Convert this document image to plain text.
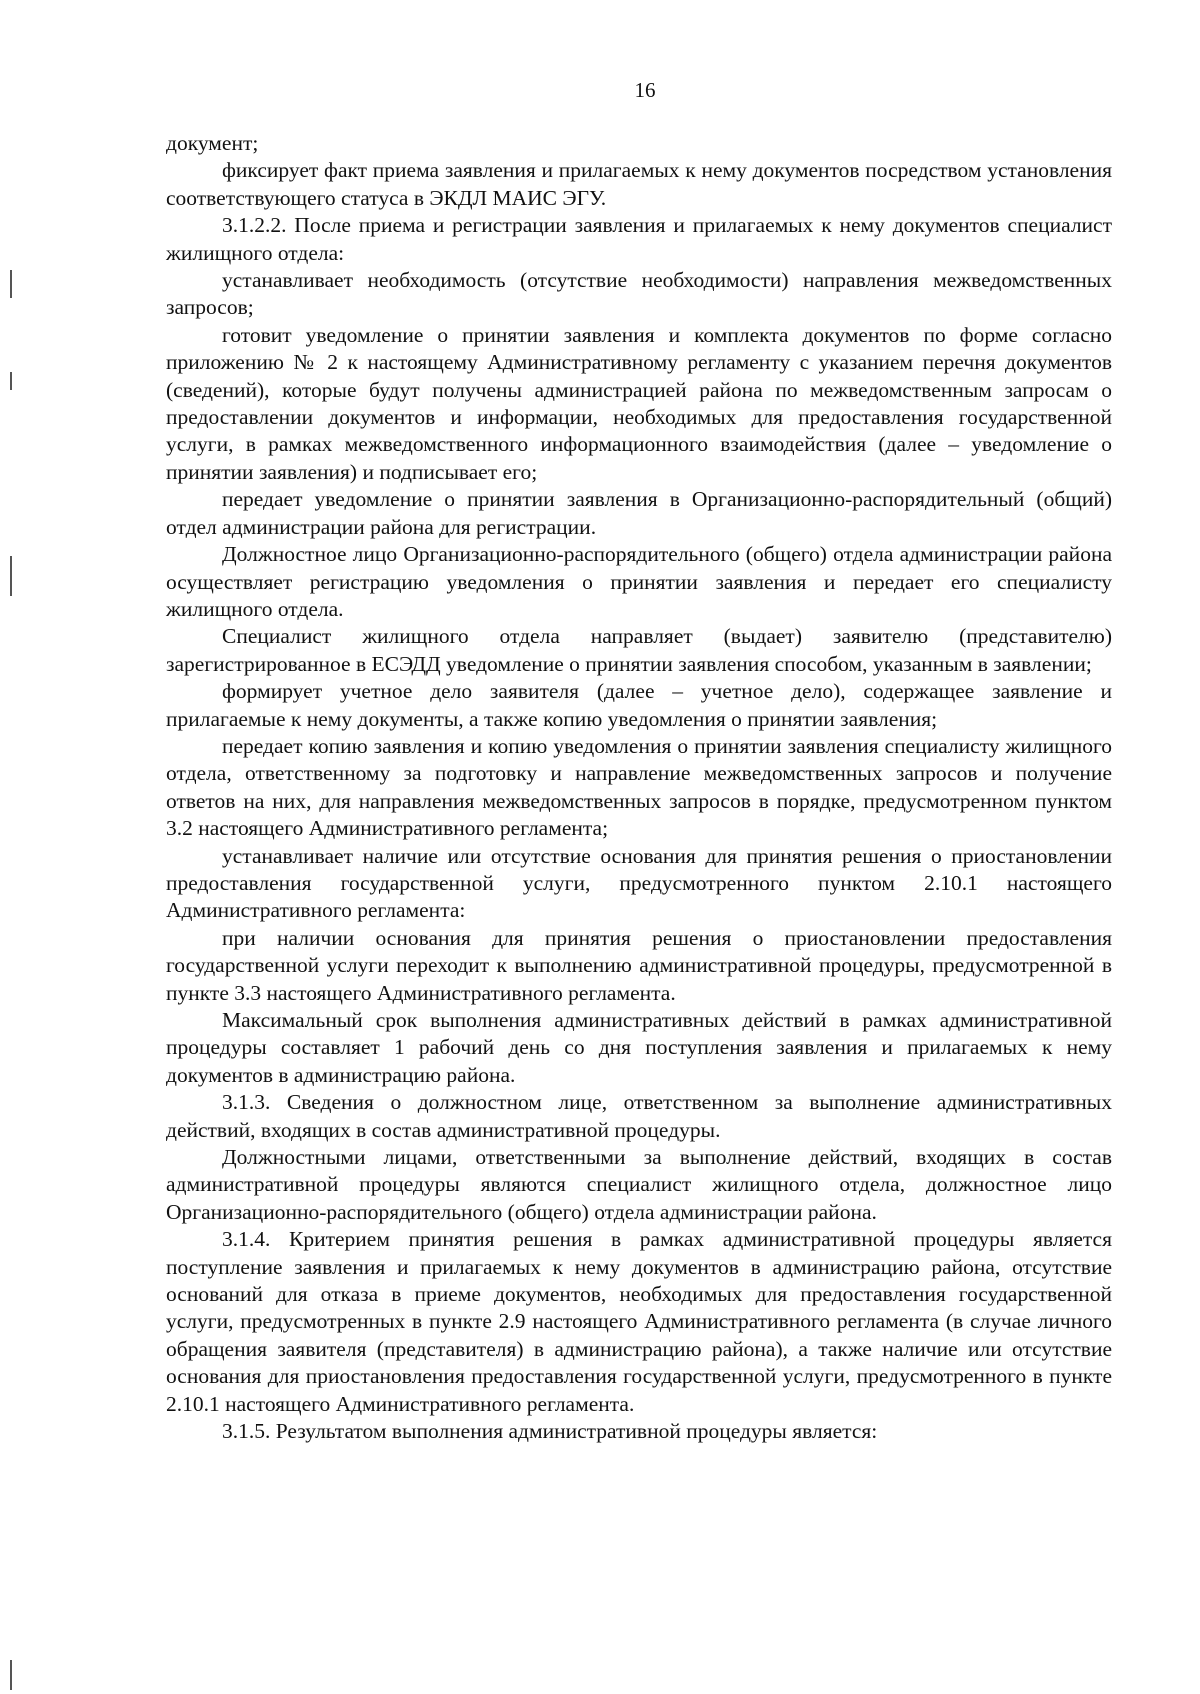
16

документ;

фиксирует факт приема заявления и прилагаемых к нему документов посредством установления соответствующего статуса в ЭКДЛ МАИС ЭГУ.

3.1.2.2. После приема и регистрации заявления и прилагаемых к нему документов специалист жилищного отдела:

устанавливает необходимость (отсутствие необходимости) направления межведомственных запросов;

готовит уведомление о принятии заявления и комплекта документов по форме согласно приложению № 2 к настоящему Административному регламенту с указанием перечня документов (сведений), которые будут получены администрацией района по межведомственным запросам о предоставлении документов и информации, необходимых для предоставления государственной услуги, в рамках межведомственного информационного взаимодействия (далее – уведомление о принятии заявления) и подписывает его;

передает уведомление о принятии заявления в Организационно-распорядительный (общий) отдел администрации района для регистрации.

Должностное лицо Организационно-распорядительного (общего) отдела администрации района осуществляет регистрацию уведомления о принятии заявления и передает его специалисту жилищного отдела.

Специалист жилищного отдела направляет (выдает) заявителю (представителю) зарегистрированное в ЕСЭДД уведомление о принятии заявления способом, указанным в заявлении;

формирует учетное дело заявителя (далее – учетное дело), содержащее заявление и прилагаемые к нему документы, а также копию уведомления о принятии заявления;

передает копию заявления и копию уведомления о принятии заявления специалисту жилищного отдела, ответственному за подготовку и направление межведомственных запросов и получение ответов на них, для направления межведомственных запросов в порядке, предусмотренном пунктом 3.2 настоящего Административного регламента;

устанавливает наличие или отсутствие основания для принятия решения о приостановлении предоставления государственной услуги, предусмотренного пунктом 2.10.1 настоящего Административного регламента:

при наличии основания для принятия решения о приостановлении предоставления государственной услуги переходит к выполнению административной процедуры, предусмотренной в пункте 3.3 настоящего Административного регламента.

Максимальный срок выполнения административных действий в рамках административной процедуры составляет 1 рабочий день со дня поступления заявления и прилагаемых к нему документов в администрацию района.

3.1.3. Сведения о должностном лице, ответственном за выполнение административных действий, входящих в состав административной процедуры.

Должностными лицами, ответственными за выполнение действий, входящих в состав административной процедуры являются специалист жилищного отдела, должностное лицо Организационно-распорядительного (общего) отдела администрации района.

3.1.4. Критерием принятия решения в рамках административной процедуры является поступление заявления и прилагаемых к нему документов в администрацию района, отсутствие оснований для отказа в приеме документов, необходимых для предоставления государственной услуги, предусмотренных в пункте 2.9 настоящего Административного регламента (в случае личного обращения заявителя (представителя) в администрацию района), а также наличие или отсутствие основания для приостановления предоставления государственной услуги, предусмотренного в пункте 2.10.1 настоящего Административного регламента.

3.1.5. Результатом выполнения административной процедуры является:
